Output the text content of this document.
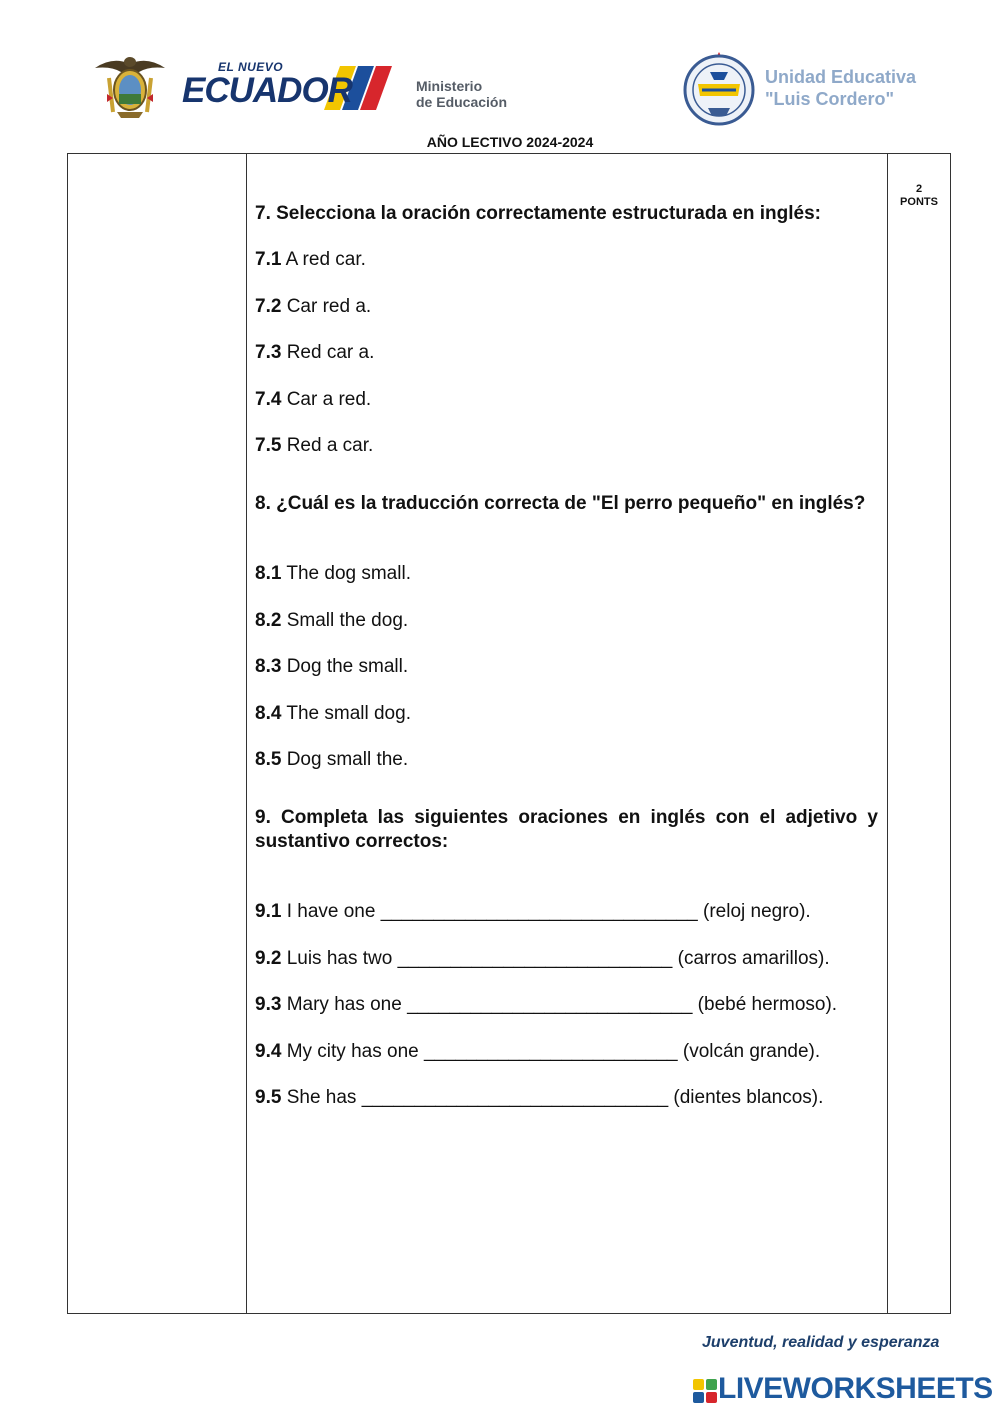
EL NUEVO
ECUADOR	Ministerio
de Educación
Unidad Educativa
"Luis Cordero"
AÑO LECTIVO 2024-2024
2
PONTS

7. Selecciona la oración correctamente estructurada en inglés:

7.1 A red car.

7.2 Car red a.

7.3 Red car a.

7.4 Car a red.

7.5 Red a car.

8. ¿Cuál es la traducción correcta de "El perro pequeño" en inglés?

8.1 The dog small.

8.2 Small the dog.

8.3 Dog the small.

8.4 The small dog.

8.5 Dog small the.

9. Completa las siguientes oraciones en inglés con el adjetivo y sustantivo correctos:

9.1 I have one ______________________________ (reloj negro).

9.2 Luis has two __________________________ (carros amarillos).

9.3 Mary has one ___________________________ (bebé hermoso).

9.4 My city has one ________________________ (volcán grande).

9.5 She has _____________________________ (dientes blancos).

Juventud, realidad y esperanza
LIVEWORKSHEETS
